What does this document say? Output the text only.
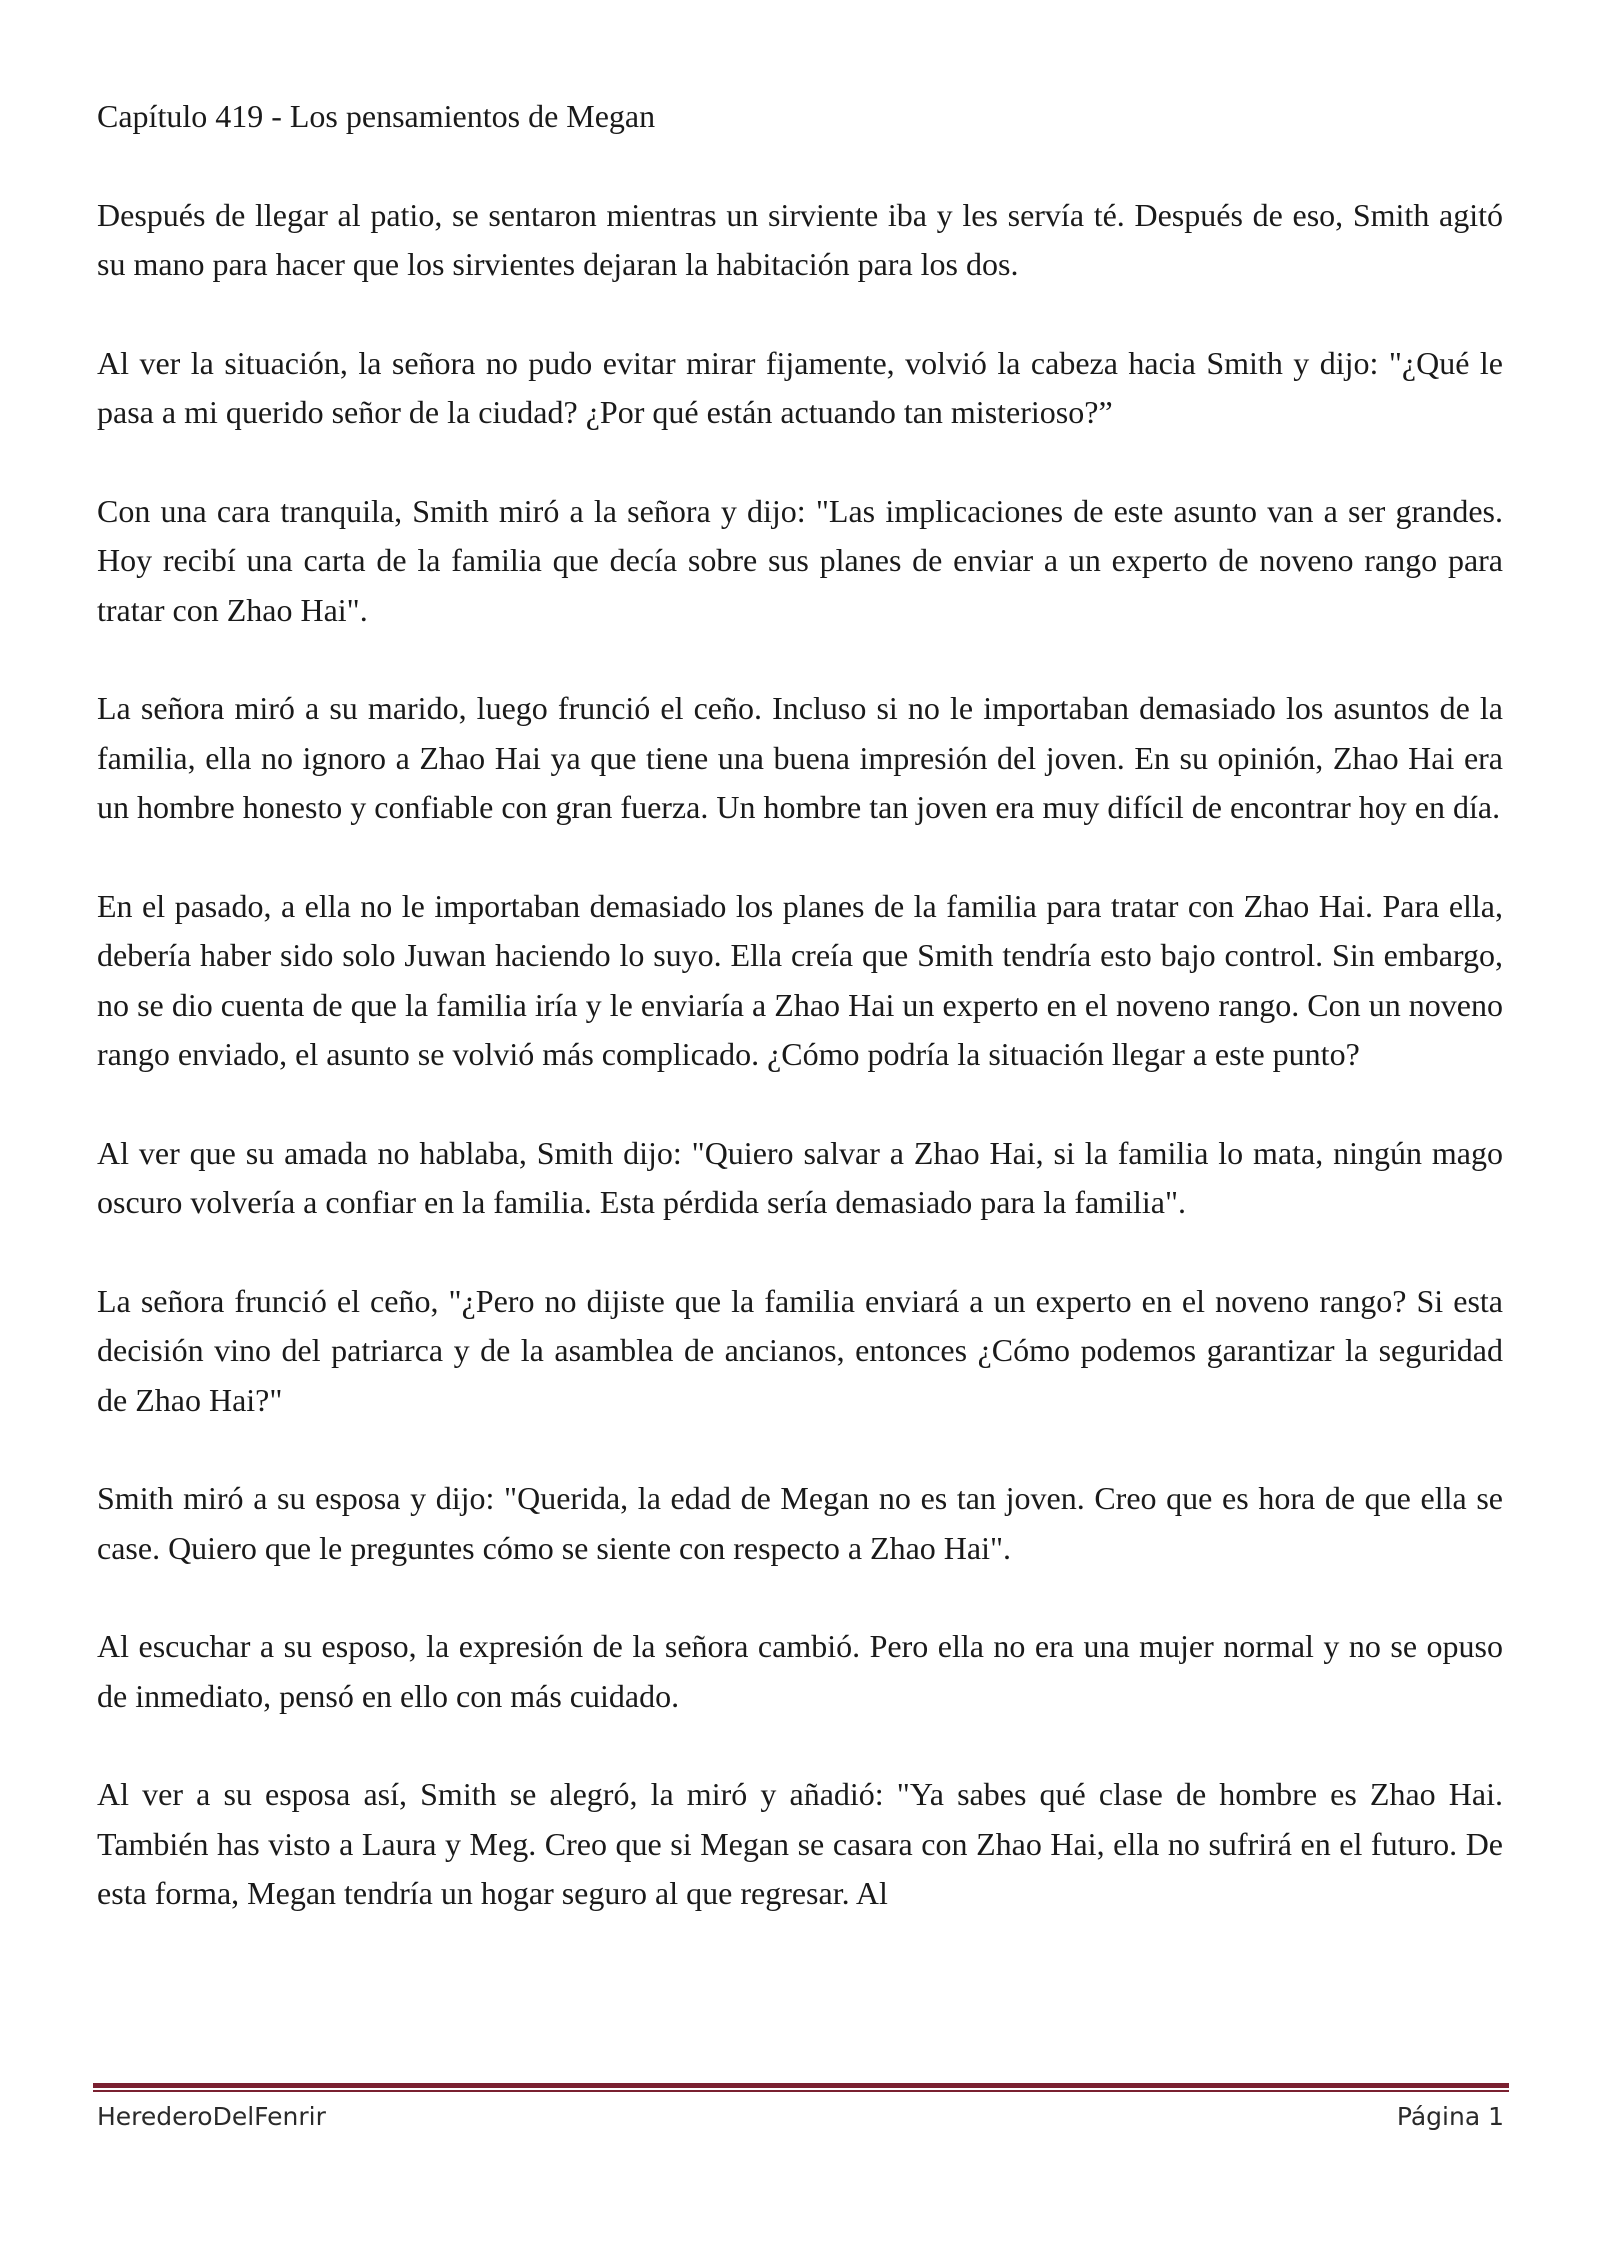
Capítulo 419 - Los pensamientos de Megan

Después de llegar al patio, se sentaron mientras un sirviente iba y les servía té. Después de eso, Smith agitó su mano para hacer que los sirvientes dejaran la habitación para los dos.

Al ver la situación, la señora no pudo evitar mirar fijamente, volvió la cabeza hacia Smith y dijo: "¿Qué le pasa a mi querido señor de la ciudad? ¿Por qué están actuando tan misterioso?”

Con una cara tranquila, Smith miró a la señora y dijo: "Las implicaciones de este asunto van a ser grandes. Hoy recibí una carta de la familia que decía sobre sus planes de enviar a un experto de noveno rango para tratar con Zhao Hai".

La señora miró a su marido, luego frunció el ceño. Incluso si no le importaban demasiado los asuntos de la familia, ella no ignoro a Zhao Hai ya que tiene una buena impresión del joven. En su opinión, Zhao Hai era un hombre honesto y confiable con gran fuerza. Un hombre tan joven era muy difícil de encontrar hoy en día.

En el pasado, a ella no le importaban demasiado los planes de la familia para tratar con Zhao Hai. Para ella, debería haber sido solo Juwan haciendo lo suyo. Ella creía que Smith tendría esto bajo control. Sin embargo, no se dio cuenta de que la familia iría y le enviaría a Zhao Hai un experto en el noveno rango. Con un noveno rango enviado, el asunto se volvió más complicado. ¿Cómo podría la situación llegar a este punto?

Al ver que su amada no hablaba, Smith dijo: "Quiero salvar a Zhao Hai, si la familia lo mata, ningún mago oscuro volvería a confiar en la familia. Esta pérdida sería demasiado para la familia".

La señora frunció el ceño, "¿Pero no dijiste que la familia enviará a un experto en el noveno rango? Si esta decisión vino del patriarca y de la asamblea de ancianos, entonces ¿Cómo podemos garantizar la seguridad de Zhao Hai?"

Smith miró a su esposa y dijo: "Querida, la edad de Megan no es tan joven. Creo que es hora de que ella se case. Quiero que le preguntes cómo se siente con respecto a Zhao Hai".

Al escuchar a su esposo, la expresión de la señora cambió. Pero ella no era una mujer normal y no se opuso de inmediato, pensó en ello con más cuidado.

Al ver a su esposa así, Smith se alegró, la miró y añadió: "Ya sabes qué clase de hombre es Zhao Hai. También has visto a Laura y Meg. Creo que si Megan se casara con Zhao Hai, ella no sufrirá en el futuro. De esta forma, Megan tendría un hogar seguro al que regresar. Al

HerederoDelFenrir	Página 1
